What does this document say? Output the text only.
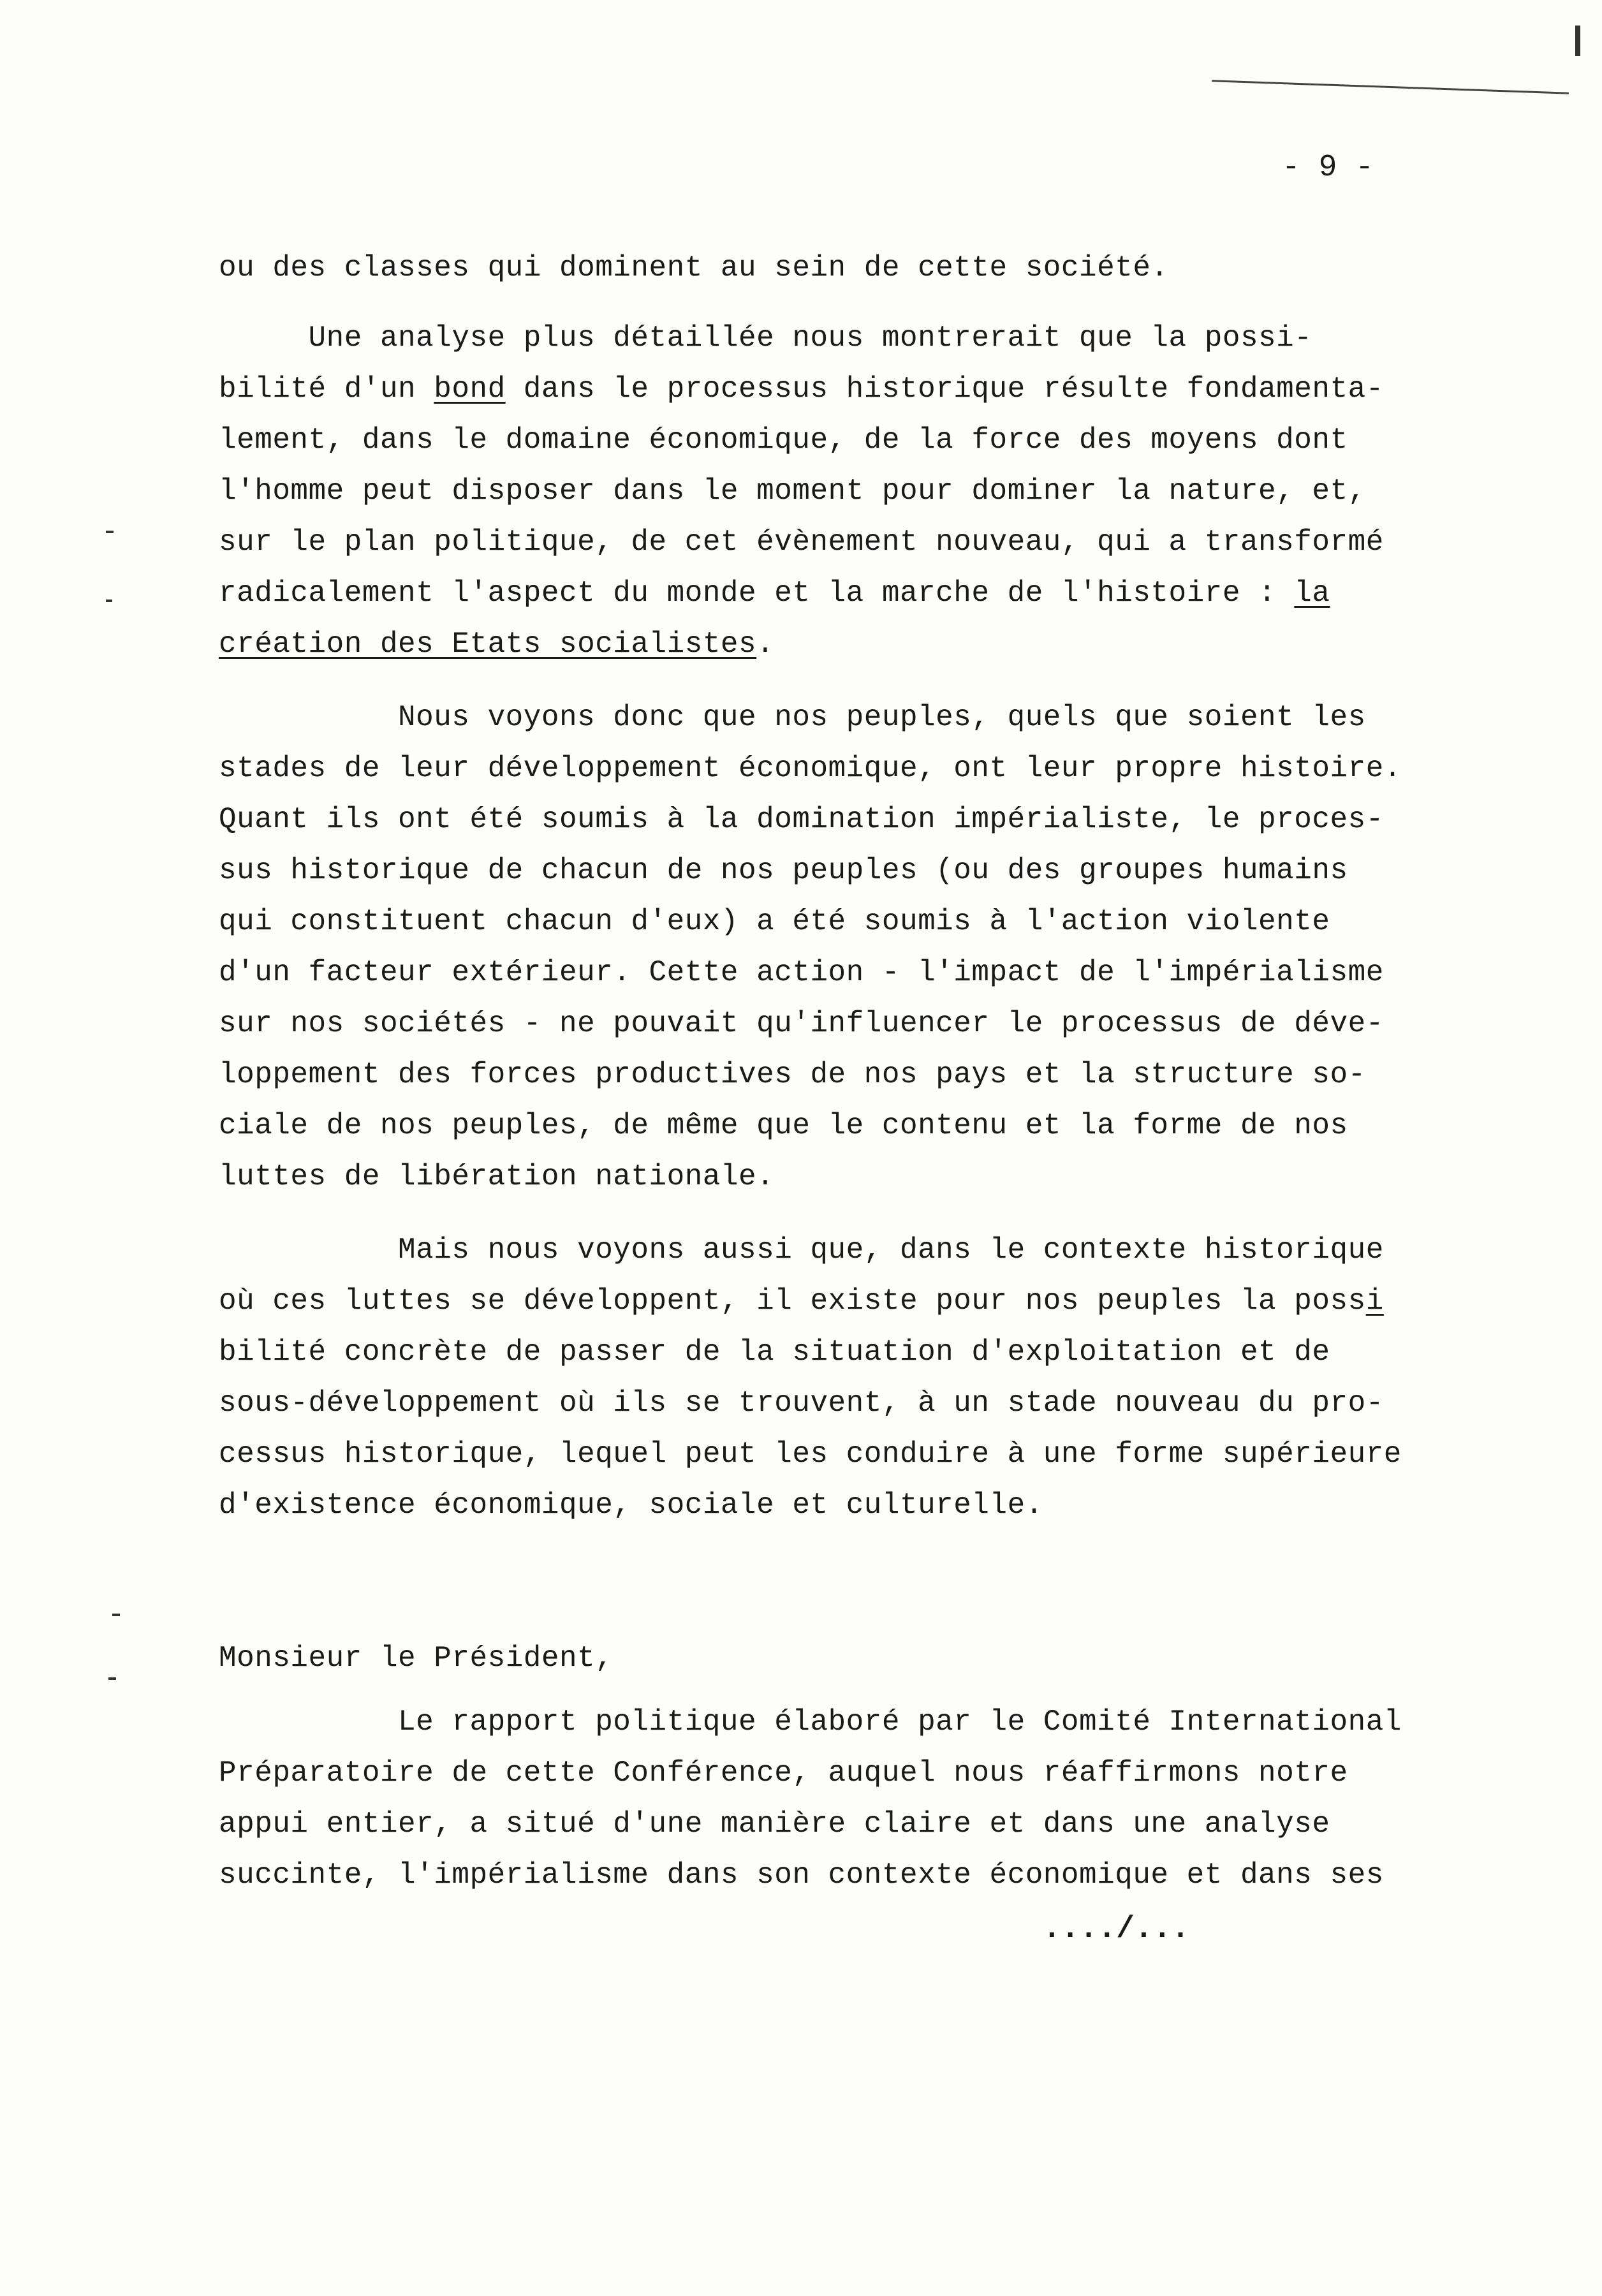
- 9 -
ou des classes qui dominent au sein de cette société.
Une analyse plus détaillée nous montrerait que la possi-
bilité d'un bond dans le processus historique résulte fondamenta-
lement, dans le domaine économique, de la force des moyens dont
l'homme peut disposer dans le moment pour dominer la nature, et,
sur le plan politique, de cet évènement nouveau, qui a transformé
radicalement l'aspect du monde et la marche de l'histoire : la
création des Etats socialistes.
Nous voyons donc que nos peuples, quels que soient les
stades de leur développement économique, ont leur propre histoire.
Quant ils ont été soumis à la domination impérialiste, le proces-
sus historique de chacun de nos peuples (ou des groupes humains
qui constituent chacun d'eux) a été soumis à l'action violente
d'un facteur extérieur. Cette action - l'impact de l'impérialisme
sur nos sociétés - ne pouvait qu'influencer le processus de déve-
loppement des forces productives de nos pays et la structure so-
ciale de nos peuples, de même que le contenu et la forme de nos
luttes de libération nationale.
Mais nous voyons aussi que, dans le contexte historique
où ces luttes se développent, il existe pour nos peuples la possi
bilité concrète de passer de la situation d'exploitation et de
sous-développement où ils se trouvent, à un stade nouveau du pro-
cessus historique, lequel peut les conduire à une forme supérieure
d'existence économique, sociale et culturelle.
Monsieur le Président,
Le rapport politique élaboré par le Comité International
Préparatoire de cette Conférence, auquel nous réaffirmons notre
appui entier, a situé d'une manière claire et dans une analyse
succinte, l'impérialisme dans son contexte économique et dans ses
..../...
